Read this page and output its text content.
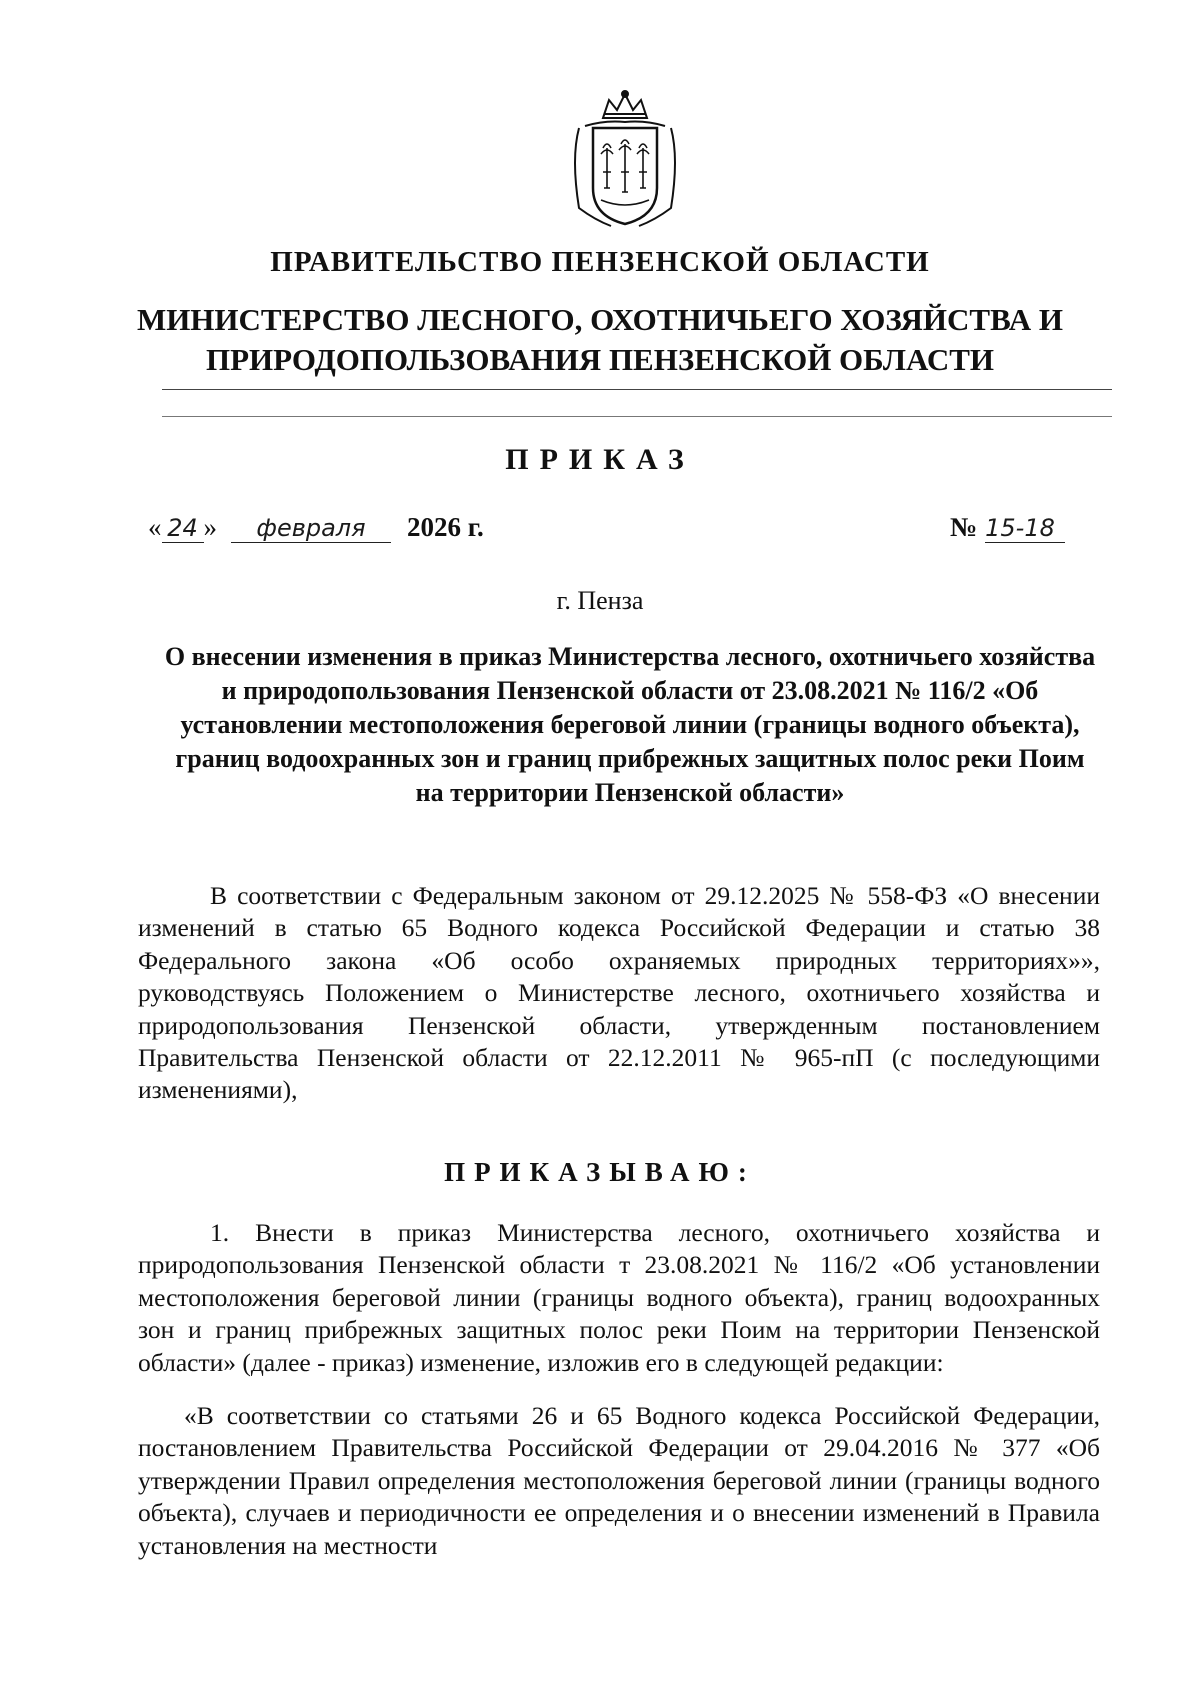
ПРАВИТЕЛЬСТВО ПЕНЗЕНСКОЙ ОБЛАСТИ
МИНИСТЕРСТВО ЛЕСНОГО, ОХОТНИЧЬЕГО ХОЗЯЙСТВА И
ПРИРОДОПОЛЬЗОВАНИЯ ПЕНЗЕНСКОЙ ОБЛАСТИ
ПРИКАЗ
« 24 »	февраля	2026 г.	№ 15-18
г. Пенза
О внесении изменения в приказ Министерства лесного, охотничьего хозяйства и природопользования Пензенской области от 23.08.2021 № 116/2 «Об установлении местоположения береговой линии (границы водного объекта), границ водоохранных зон и границ прибрежных защитных полос реки Поим на территории Пензенской области»
В соответствии с Федеральным законом от 29.12.2025 № 558-ФЗ «О внесении изменений в статью 65 Водного кодекса Российской Федерации и статью 38 Федерального закона «Об особо охраняемых природных территориях»», руководствуясь Положением о Министерстве лесного, охотничьего хозяйства и природопользования Пензенской области, утвержденным постановлением Правительства Пензенской области от 22.12.2011 № 965-пП (с последующими изменениями),
ПРИКАЗЫВАЮ:
1. Внести в приказ Министерства лесного, охотничьего хозяйства и природопользования Пензенской области т 23.08.2021 № 116/2 «Об установлении местоположения береговой линии (границы водного объекта), границ водоохранных зон и границ прибрежных защитных полос реки Поим на территории Пензенской области» (далее - приказ) изменение, изложив его в следующей редакции:
«В соответствии со статьями 26 и 65 Водного кодекса Российской Федерации, постановлением Правительства Российской Федерации от 29.04.2016 № 377 «Об утверждении Правил определения местоположения береговой линии (границы водного объекта), случаев и периодичности ее определения и о внесении изменений в Правила установления на местности
